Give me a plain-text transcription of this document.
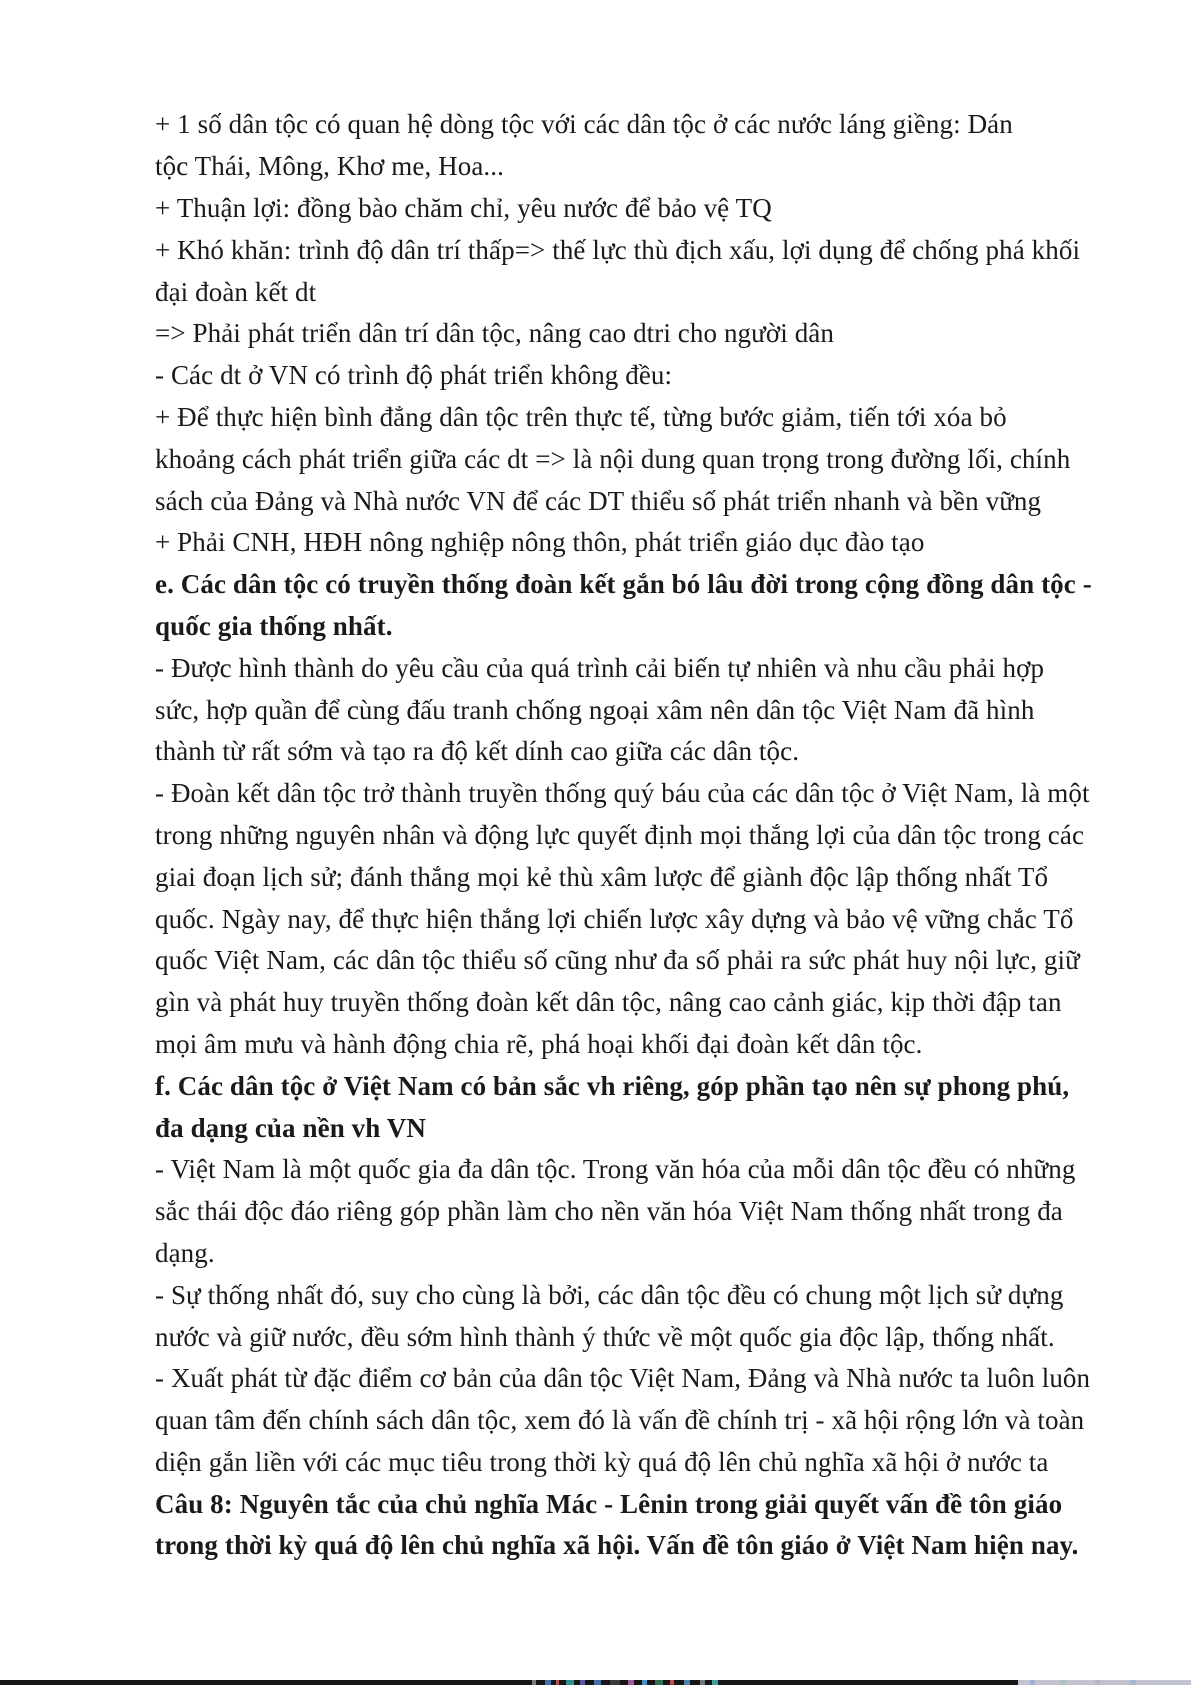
+ 1 số dân tộc có quan hệ dòng tộc với các dân tộc ở các nước láng giềng: Dán
tộc Thái, Mông, Khơ me, Hoa...
+ Thuận lợi: đồng bào chăm chỉ, yêu nước để bảo vệ TQ
+ Khó khăn: trình độ dân trí thấp=> thế lực thù địch xấu, lợi dụng để chống phá khối
đại đoàn kết dt
=> Phải phát triển dân trí dân tộc, nâng cao dtri cho người dân
- Các dt ở VN có trình độ phát triển không đều:
+ Để thực hiện bình đẳng dân tộc trên thực tế, từng bước giảm, tiến tới xóa bỏ
khoảng cách phát triển giữa các dt => là nội dung quan trọng trong đường lối, chính
sách của Đảng và Nhà nước VN để các DT thiểu số phát triển nhanh và bền vững
+ Phải CNH, HĐH nông nghiệp nông thôn, phát triển giáo dục đào tạo
e. Các dân tộc có truyền thống đoàn kết gắn bó lâu đời trong cộng đồng dân tộc -
quốc gia thống nhất.
- Được hình thành do yêu cầu của quá trình cải biến tự nhiên và nhu cầu phải hợp
sức, hợp quần để cùng đấu tranh chống ngoại xâm nên dân tộc Việt Nam đã hình
thành từ rất sớm và tạo ra độ kết dính cao giữa các dân tộc.
- Đoàn kết dân tộc trở thành truyền thống quý báu của các dân tộc ở Việt Nam, là một
trong những nguyên nhân và động lực quyết định mọi thắng lợi của dân tộc trong các
giai đoạn lịch sử; đánh thắng mọi kẻ thù xâm lược để giành độc lập thống nhất Tổ
quốc. Ngày nay, để thực hiện thắng lợi chiến lược xây dựng và bảo vệ vững chắc Tổ
quốc Việt Nam, các dân tộc thiểu số cũng như đa số phải ra sức phát huy nội lực, giữ
gìn và phát huy truyền thống đoàn kết dân tộc, nâng cao cảnh giác, kịp thời đập tan
mọi âm mưu và hành động chia rẽ, phá hoại khối đại đoàn kết dân tộc.
f. Các dân tộc ở Việt Nam có bản sắc vh riêng, góp phần tạo nên sự phong phú,
đa dạng của nền vh VN
- Việt Nam là một quốc gia đa dân tộc. Trong văn hóa của mỗi dân tộc đều có những
sắc thái độc đáo riêng góp phần làm cho nền văn hóa Việt Nam thống nhất trong đa
dạng.
- Sự thống nhất đó, suy cho cùng là bởi, các dân tộc đều có chung một lịch sử dựng
nước và giữ nước, đều sớm hình thành ý thức về một quốc gia độc lập, thống nhất.
- Xuất phát từ đặc điểm cơ bản của dân tộc Việt Nam, Đảng và Nhà nước ta luôn luôn
quan tâm đến chính sách dân tộc, xem đó là vấn đề chính trị - xã hội rộng lớn và toàn
diện gắn liền với các mục tiêu trong thời kỳ quá độ lên chủ nghĩa xã hội ở nước ta
Câu 8: Nguyên tắc của chủ nghĩa Mác - Lênin trong giải quyết vấn đề tôn giáo
trong thời kỳ quá độ lên chủ nghĩa xã hội. Vấn đề tôn giáo ở Việt Nam hiện nay.
